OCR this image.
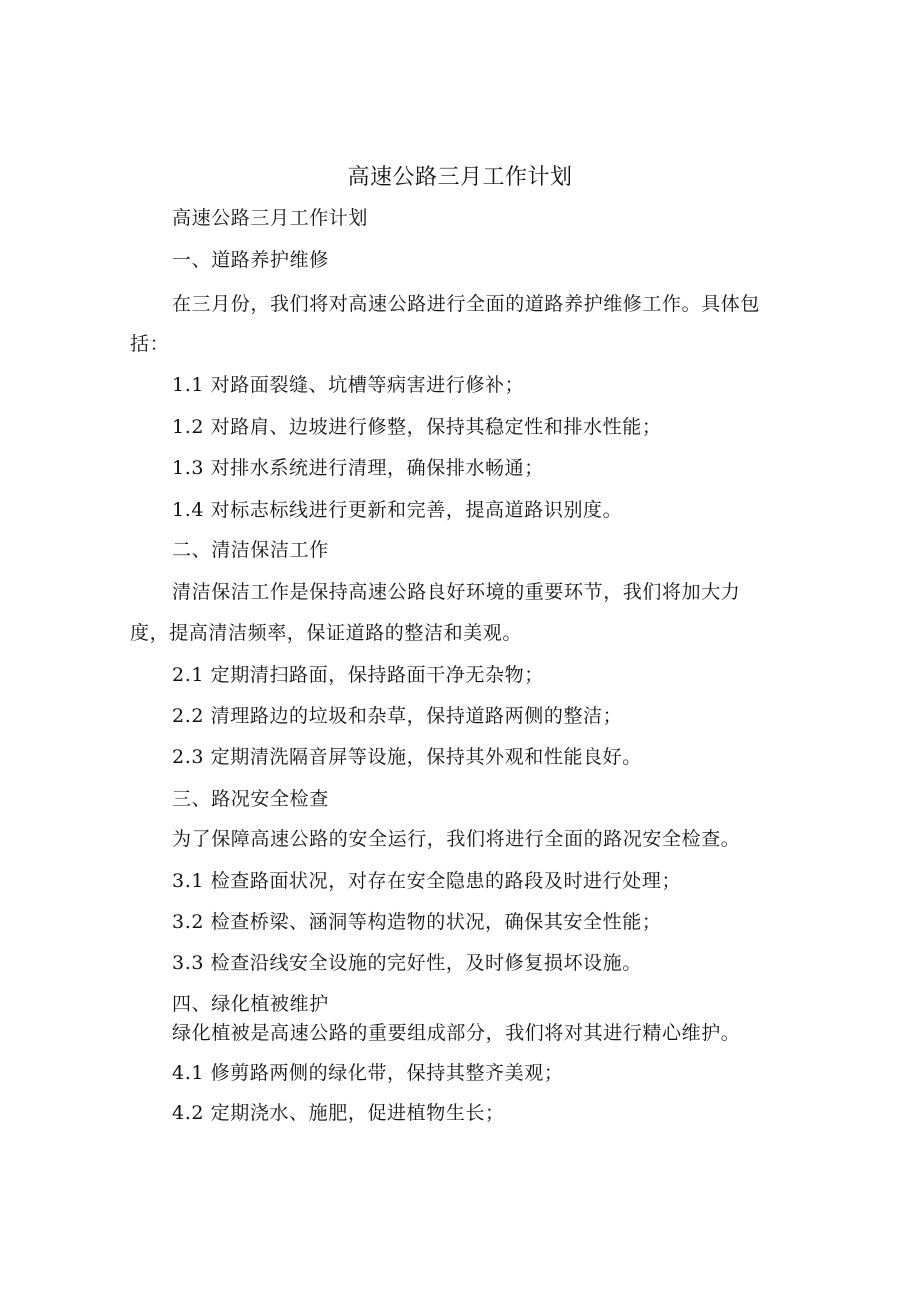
高速公路三月工作计划
高速公路三月工作计划
一、道路养护维修
在三月份，我们将对高速公路进行全面的道路养护维修工作。具体包
括：
1.1 对路面裂缝、坑槽等病害进行修补；
1.2 对路肩、边坡进行修整，保持其稳定性和排水性能；
1.3 对排水系统进行清理，确保排水畅通；
1.4 对标志标线进行更新和完善，提高道路识别度。
二、清洁保洁工作
清洁保洁工作是保持高速公路良好环境的重要环节，我们将加大力
度，提高清洁频率，保证道路的整洁和美观。
2.1 定期清扫路面，保持路面干净无杂物；
2.2 清理路边的垃圾和杂草，保持道路两侧的整洁；
2.3 定期清洗隔音屏等设施，保持其外观和性能良好。
三、路况安全检查
为了保障高速公路的安全运行，我们将进行全面的路况安全检查。
3.1 检查路面状况，对存在安全隐患的路段及时进行处理；
3.2 检查桥梁、涵洞等构造物的状况，确保其安全性能；
3.3 检查沿线安全设施的完好性，及时修复损坏设施。
四、绿化植被维护
绿化植被是高速公路的重要组成部分，我们将对其进行精心维护。
4.1 修剪路两侧的绿化带，保持其整齐美观；
4.2 定期浇水、施肥，促进植物生长；
